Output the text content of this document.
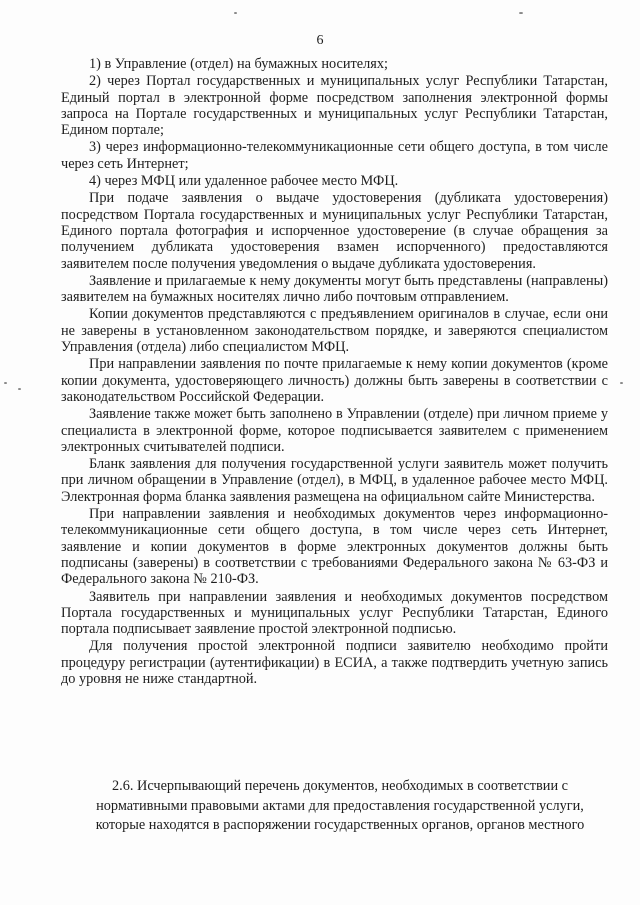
6

1) в Управление (отдел) на бумажных носителях;

2) через Портал государственных и муниципальных услуг Республики Татарстан, Единый портал в электронной форме посредством заполнения электронной формы запроса на Портале государственных и муниципальных услуг Республики Татарстан, Едином портале;

3) через информационно-телекоммуникационные сети общего доступа, в том числе через сеть Интернет;

4) через МФЦ или удаленное рабочее место МФЦ.

При подаче заявления о выдаче удостоверения (дубликата удостоверения) посредством Портала государственных и муниципальных услуг Республики Татарстан, Единого портала фотография и испорченное удостоверение (в случае обращения за получением дубликата удостоверения взамен испорченного) предоставляются заявителем после получения уведомления о выдаче дубликата удостоверения.

Заявление и прилагаемые к нему документы могут быть представлены (направлены) заявителем на бумажных носителях лично либо почтовым отправлением.

Копии документов представляются с предъявлением оригиналов в случае, если они не заверены в установленном законодательством порядке, и заверяются специалистом Управления (отдела) либо специалистом МФЦ.

При направлении заявления по почте прилагаемые к нему копии документов (кроме копии документа, удостоверяющего личность) должны быть заверены в соответствии с законодательством Российской Федерации.

Заявление также может быть заполнено в Управлении (отделе) при личном приеме у специалиста в электронной форме, которое подписывается заявителем с применением электронных считывателей подписи.

Бланк заявления для получения государственной услуги заявитель может получить при личном обращении в Управление (отдел), в МФЦ, в удаленное рабочее место МФЦ. Электронная форма бланка заявления размещена на официальном сайте Министерства.

При направлении заявления и необходимых документов через информационно-телекоммуникационные сети общего доступа, в том числе через сеть Интернет, заявление и копии документов в форме электронных документов должны быть подписаны (заверены) в соответствии с требованиями Федерального закона № 63-ФЗ и Федерального закона № 210-ФЗ.

Заявитель при направлении заявления и необходимых документов посредством Портала государственных и муниципальных услуг Республики Татарстан, Единого портала подписывает заявление простой электронной подписью.

Для получения простой электронной подписи заявителю необходимо пройти процедуру регистрации (аутентификации) в ЕСИА, а также подтвердить учетную запись до уровня не ниже стандартной.

2.6. Исчерпывающий перечень документов, необходимых в соответствии с

нормативными правовыми актами для предоставления государственной услуги,

которые находятся в распоряжении государственных органов, органов местного
